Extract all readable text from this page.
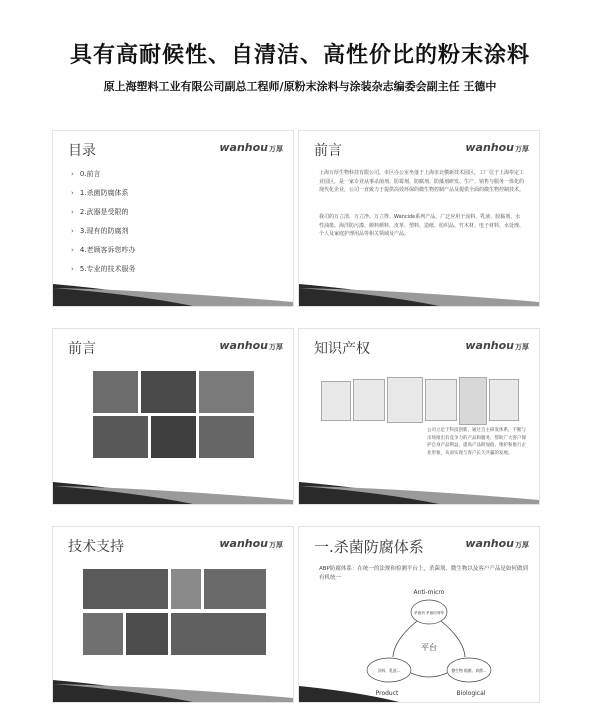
具有高耐候性、自清洁、高性价比的粉末涂料
原上海塑料工业有限公司副总工程师/原粉末涂料与涂装杂志编委会副主任 王德中
目录	wanhou万厚
› 0.前言
› 1.杀菌防腐体系
› 2.武器是受限的
› 3.现有的防腐剂
› 4.老顾客诉您咋办
› 5.专业的技术服务
前言	wanhou万厚
上海万厚生物科技有限公司，市区办公室坐落于上海市北横新技术园区，工厂位于上海奉定工业园区，是一家专业从事杀菌剂、防霉剂、防腐剂、防藻剂研发、生产、销售与服务一体化的现代化企业，公司一直致力于提供高效环保的微生物控制产品及提供全面的微生物控制技术。
我司的万立清、万立净、万立得、Wancide系列产品，广泛应用于涂料、乳液、胶黏剂、水性油墨、海洋防污漆、颜料颜料、皮革、塑料、造纸、纺织品、竹木材、电子材料、水处理、个人及家庭护理用品等相关领域及产品。
前言	wanhou万厚 知识产权	wanhou万厚
公司立足于科技创新，通过自主研发体系，不断与市场推出有竞争力的产品和服务，帮助广大客户保护自身产品利益，提高产品附加值，维护和推行企业形象，从而实现与客户长久共赢的发展。
技术支持	wanhou万厚 一.杀菌防腐体系	wanhou万厚
ABP防腐体系：在统一的法规和检测平台上，杀菌剂、微生物以及客户产品是如何做到有机统一
Anti-micro
杀菌剂 杀菌用剂等
涂料、乳液...	微生物 细菌、真菌...
平台
Product	Biological
